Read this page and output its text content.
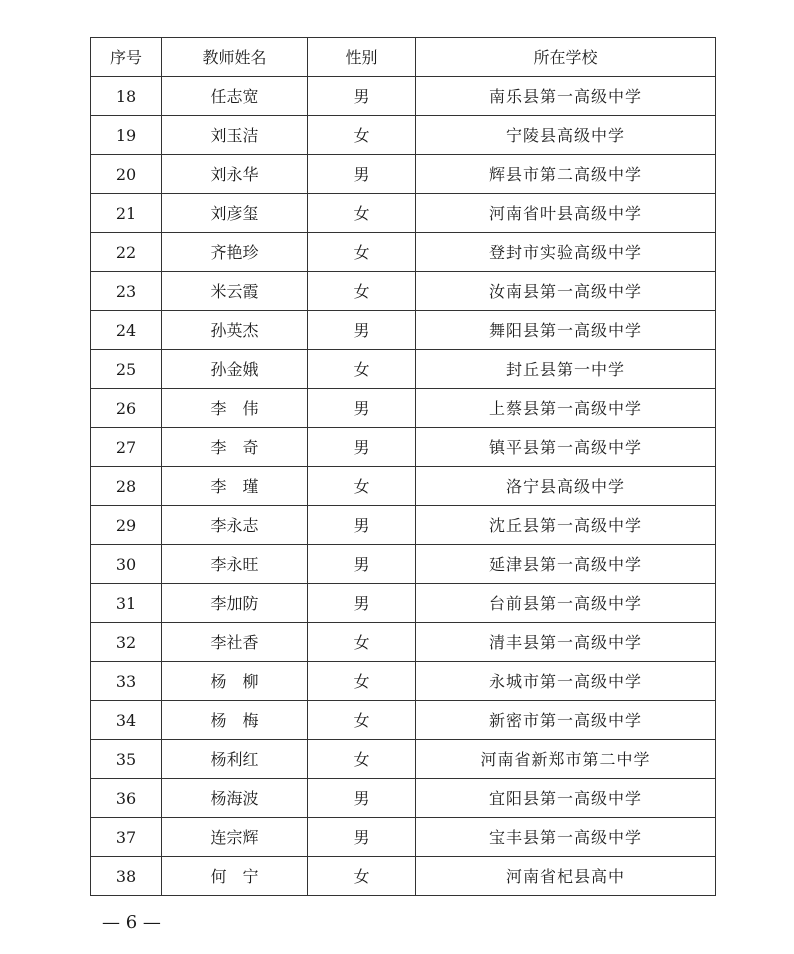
序号	教师姓名	性别	所在学校
18	任志宽	男	南乐县第一高级中学
19	刘玉洁	女	宁陵县高级中学
20	刘永华	男	辉县市第二高级中学
21	刘彦玺	女	河南省叶县高级中学
22	齐艳珍	女	登封市实验高级中学
23	米云霞	女	汝南县第一高级中学
24	孙英杰	男	舞阳县第一高级中学
25	孙金娥	女	封丘县第一中学
26	李　伟	男	上蔡县第一高级中学
27	李　奇	男	镇平县第一高级中学
28	李　瑾	女	洛宁县高级中学
29	李永志	男	沈丘县第一高级中学
30	李永旺	男	延津县第一高级中学
31	李加防	男	台前县第一高级中学
32	李社香	女	清丰县第一高级中学
33	杨　柳	女	永城市第一高级中学
34	杨　梅	女	新密市第一高级中学
35	杨利红	女	河南省新郑市第二中学
36	杨海波	男	宜阳县第一高级中学
37	连宗辉	男	宝丰县第一高级中学
38	何　宁	女	河南省杞县高中
— 6 —
